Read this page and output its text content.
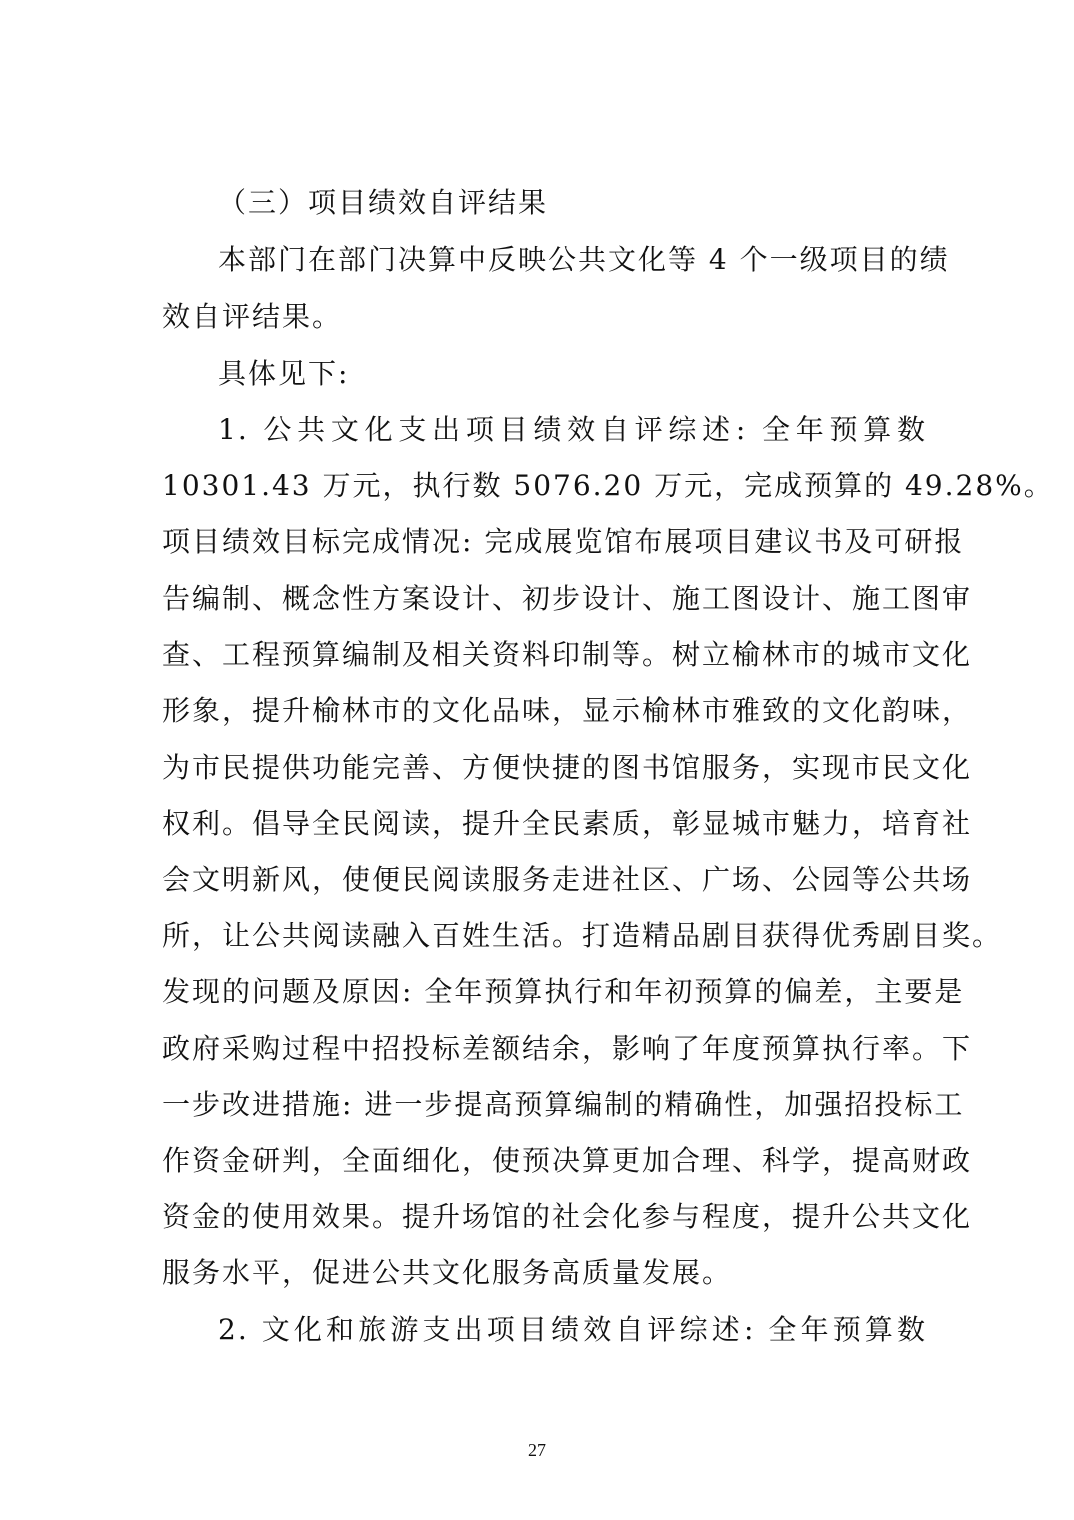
（三）项目绩效自评结果
本部门在部门决算中反映公共文化等 4 个一级项目的绩
效自评结果。
具体见下:
1. 公共文化支出项目绩效自评综述: 全年预算数
10301.43 万元，执行数 5076.20 万元，完成预算的 49.28%。
项目绩效目标完成情况: 完成展览馆布展项目建议书及可研报
告编制、概念性方案设计、初步设计、施工图设计、施工图审
查、工程预算编制及相关资料印制等。树立榆林市的城市文化
形象，提升榆林市的文化品味，显示榆林市雅致的文化韵味，
为市民提供功能完善、方便快捷的图书馆服务，实现市民文化
权利。倡导全民阅读，提升全民素质，彰显城市魅力，培育社
会文明新风，使便民阅读服务走进社区、广场、公园等公共场
所，让公共阅读融入百姓生活。打造精品剧目获得优秀剧目奖。
发现的问题及原因: 全年预算执行和年初预算的偏差，主要是
政府采购过程中招投标差额结余，影响了年度预算执行率。下
一步改进措施: 进一步提高预算编制的精确性，加强招投标工
作资金研判，全面细化，使预决算更加合理、科学，提高财政
资金的使用效果。提升场馆的社会化参与程度，提升公共文化
服务水平，促进公共文化服务高质量发展。
2. 文化和旅游支出项目绩效自评综述: 全年预算数
27
